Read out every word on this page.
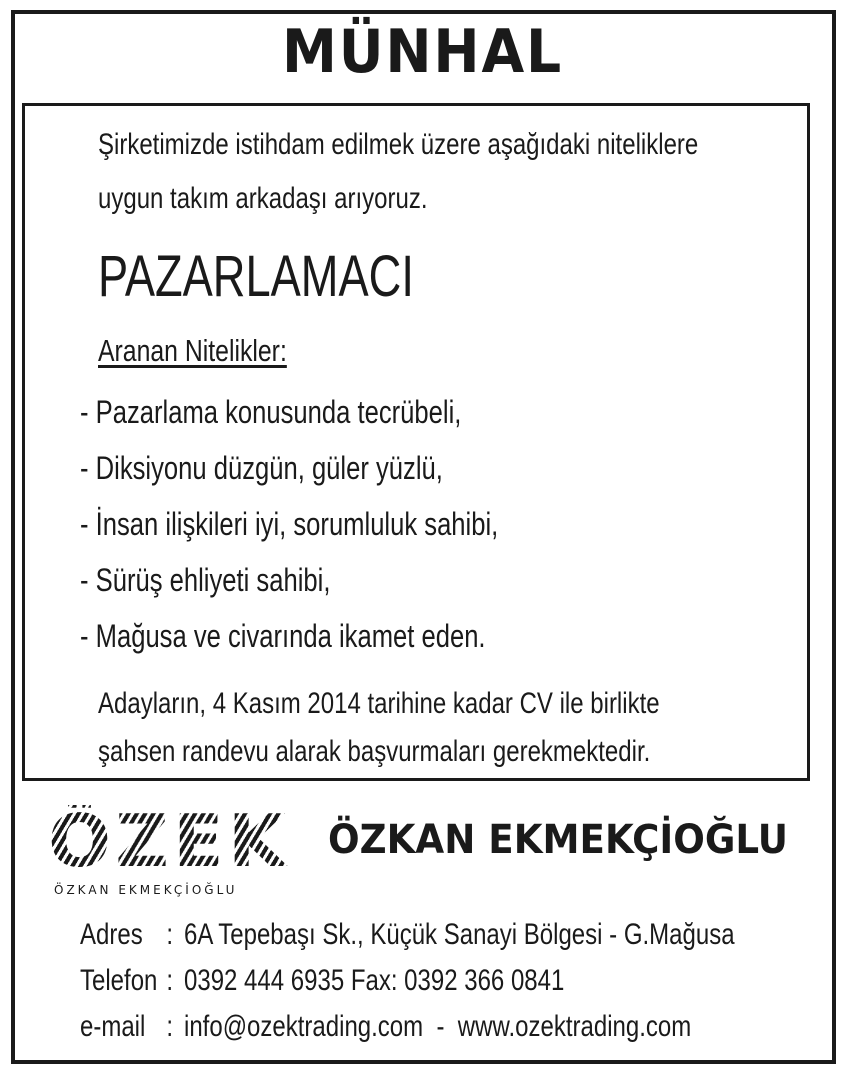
MÜNHAL
Şirketimizde istihdam edilmek üzere aşağıdaki niteliklere
uygun takım arkadaşı arıyoruz.
PAZARLAMACI
Aranan Nitelikler:
- Pazarlama konusunda tecrübeli,
- Diksiyonu düzgün, güler yüzlü,
- İnsan ilişkileri iyi, sorumluluk sahibi,
- Sürüş ehliyeti sahibi,
- Mağusa ve civarında ikamet eden.
Adayların, 4 Kasım 2014 tarihine kadar CV ile birlikte
şahsen randevu alarak başvurmaları gerekmektedir.
ÖZEK
ÖZKAN EKMEKÇİOĞLU
ÖZKAN EKMEKÇİOĞLU
Adres : 6A Tepebaşı Sk., Küçük Sanayi Bölgesi - G.Mağusa
Telefon : 0392 444 6935 Fax: 0392 366 0841
e-mail : info@ozektrading.com  -  www.ozektrading.com
